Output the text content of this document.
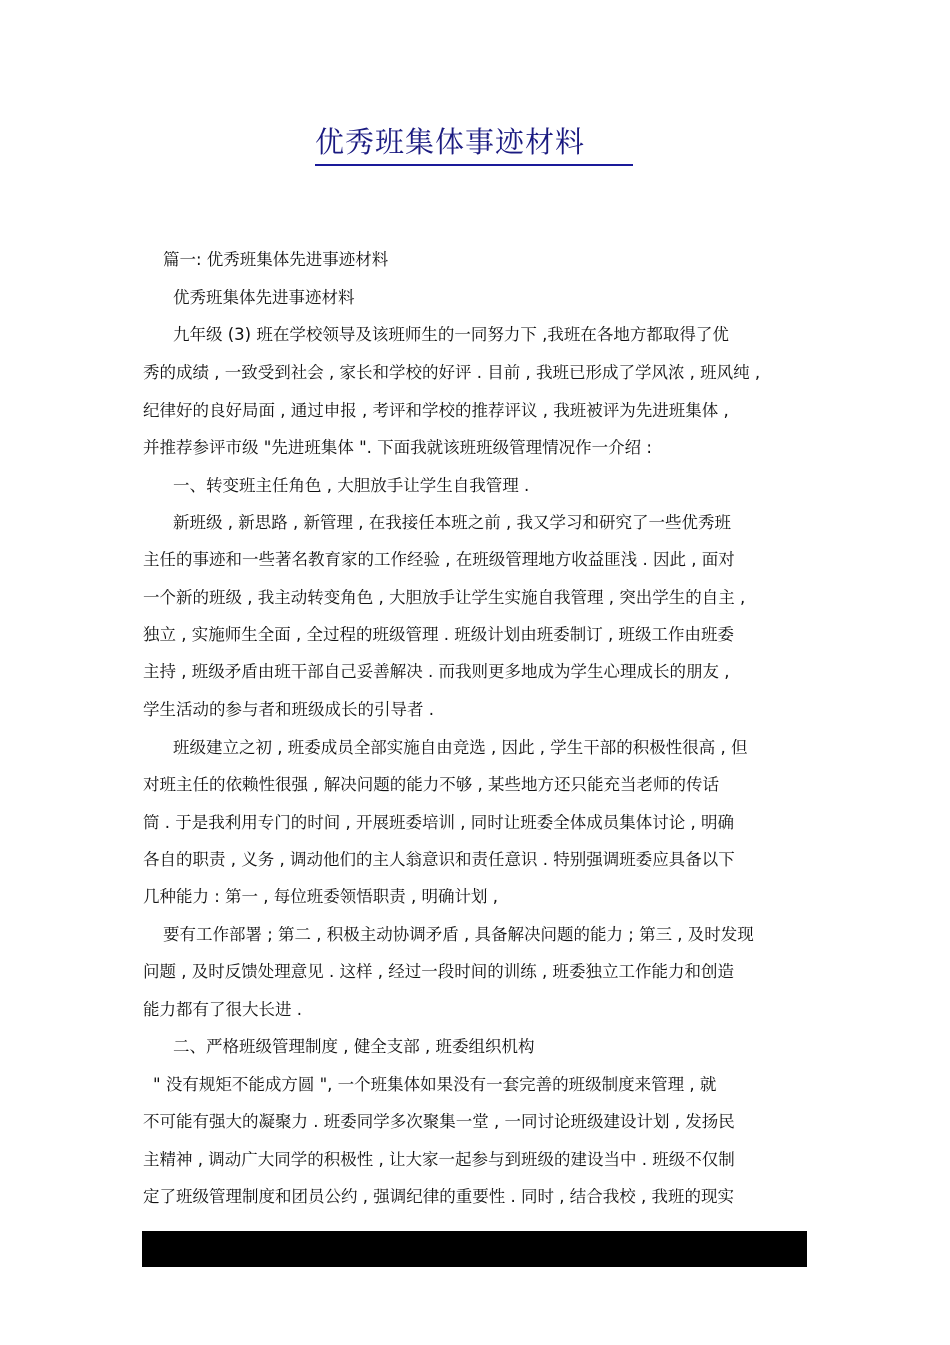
优秀班集体事迹材料
篇一: 优秀班集体先进事迹材料
优秀班集体先进事迹材料
九年级 (3) 班在学校领导及该班师生的一同努力下 ,我班在各地方都取得了优
秀的成绩 , 一致受到社会 , 家长和学校的好评 . 目前 , 我班已形成了学风浓 , 班风纯 ,
纪律好的良好局面 , 通过申报 , 考评和学校的推荐评议 , 我班被评为先进班集体 ,
并推荐参评市级 "先进班集体 ". 下面我就该班班级管理情况作一介绍 :
一、转变班主任角色 , 大胆放手让学生自我管理 .
新班级 , 新思路 , 新管理 , 在我接任本班之前 , 我又学习和研究了一些优秀班
主任的事迹和一些著名教育家的工作经验 , 在班级管理地方收益匪浅 . 因此 , 面对
一个新的班级 , 我主动转变角色 , 大胆放手让学生实施自我管理 , 突出学生的自主 ,
独立 , 实施师生全面 , 全过程的班级管理 . 班级计划由班委制订 , 班级工作由班委
主持 , 班级矛盾由班干部自己妥善解决 . 而我则更多地成为学生心理成长的朋友 ,
学生活动的参与者和班级成长的引导者 .
班级建立之初 , 班委成员全部实施自由竞选 , 因此 , 学生干部的积极性很高 , 但
对班主任的依赖性很强 , 解决问题的能力不够 , 某些地方还只能充当老师的传话
筒 . 于是我利用专门的时间 , 开展班委培训 , 同时让班委全体成员集体讨论 , 明确
各自的职责 , 义务 , 调动他们的主人翁意识和责任意识 . 特别强调班委应具备以下
几种能力 : 第一 , 每位班委领悟职责 , 明确计划 ,
要有工作部署 ; 第二 , 积极主动协调矛盾 , 具备解决问题的能力 ; 第三 , 及时发现
问题 , 及时反馈处理意见 . 这样 , 经过一段时间的训练 , 班委独立工作能力和创造
能力都有了很大长进 .
二、严格班级管理制度 , 健全支部 , 班委组织机构
" 没有规矩不能成方圆 ", 一个班集体如果没有一套完善的班级制度来管理 , 就
不可能有强大的凝聚力 . 班委同学多次聚集一堂 , 一同讨论班级建设计划 , 发扬民
主精神 , 调动广大同学的积极性 , 让大家一起参与到班级的建设当中 . 班级不仅制
定了班级管理制度和团员公约 , 强调纪律的重要性 . 同时 , 结合我校 , 我班的现实
